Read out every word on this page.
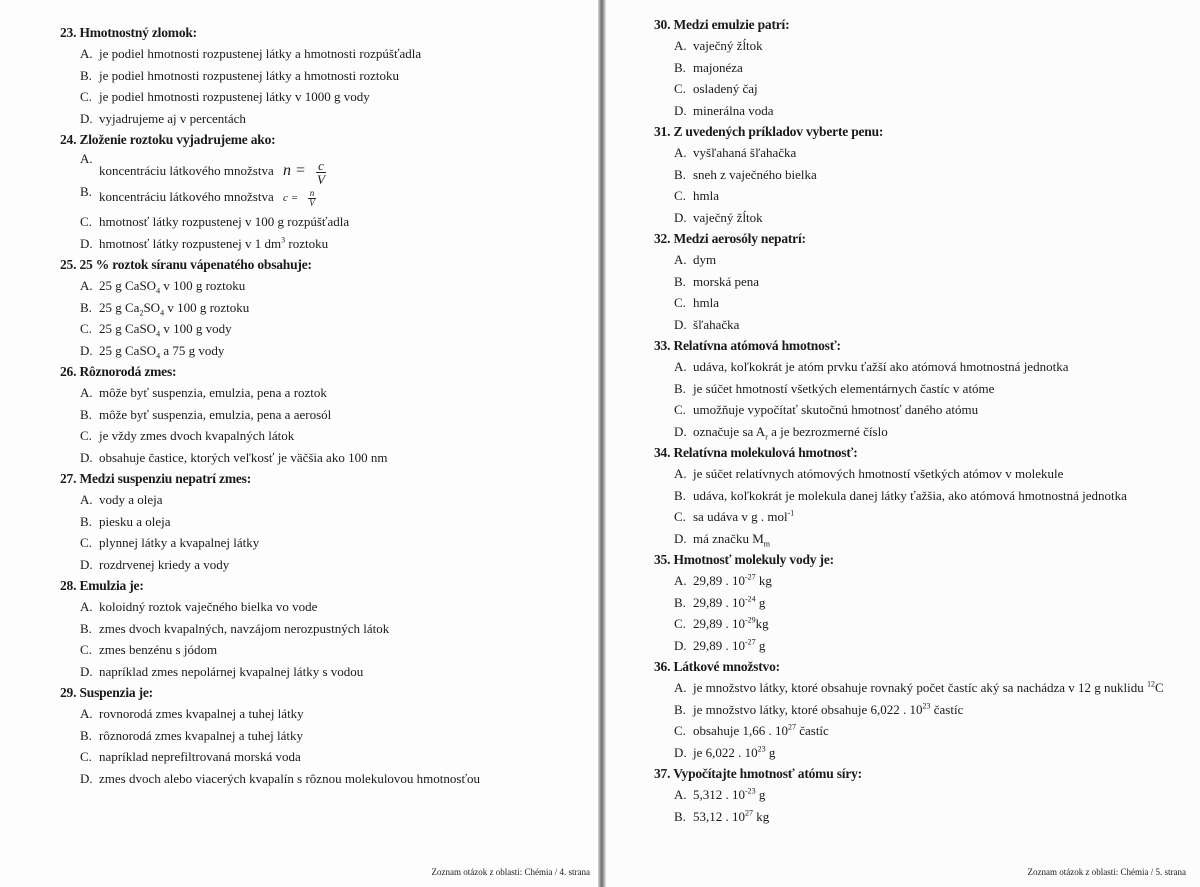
23. Hmotnostný zlomok:
A. je podiel hmotnosti rozpustenej látky a hmotnosti rozpúšťadla
B. je podiel hmotnosti rozpustenej látky a hmotnosti roztoku
C. je podiel hmotnosti rozpustenej látky v 1000 g vody
D. vyjadrujeme aj v percentách
24. Zloženie roztoku vyjadrujeme ako:
A.
koncentráciu látkového množstva $n = \frac{c}{V}$
B. koncentráciu látkového množstva $c = \frac{n}{V}$
C. hmotnosť látky rozpustenej v 100 g rozpúšťadla
D. hmotnosť látky rozpustenej v 1 $dm^3$ roztoku
25. 25 % roztok síranu vápenatého obsahuje:
A. 25 g CaSO$_4$ v 100 g roztoku
B. 25 g $Ca_2SO_4$ v 100 g roztoku
C. 25 g CaSO$_4$ v 100 g vody
D. 25 g CaSO$_4$ a 75 g vody
26. Rôznorodá zmes:
A. môže byť suspenzia, emulzia, pena a roztok
B. môže byť suspenzia, emulzia, pena a aerosól
C. je vždy zmes dvoch kvapalných látok
D. obsahuje častice, ktorých veľkosť je väčšia ako 100 nm
27. Medzi suspenziu nepatrí zmes:
A. vody a oleja
B. piesku a oleja
C. plynnej látky a kvapalnej látky
D. rozdrvenej kriedy a vody
28. Emulzia je:
A. koloidný roztok vaječného bielka vo vode
B. zmes dvoch kvapalných, navzájom nerozpustných látok
C. zmes benzénu s jódom
D. napríklad zmes nepolárnej kvapalnej látky s vodou
29. Suspenzia je:
A. rovnorodá zmes kvapalnej a tuhej látky
B. rôznorodá zmes kvapalnej a tuhej látky
C. napríklad neprefiltrovaná morská voda
D. zmes dvoch alebo viacerých kvapalín s rôznou molekulovou hmotnosťou
Zoznam otázok z oblasti: Chémia / 4. strana
30. Medzi emulzie patrí:
A. vaječný žĺtok
B. majonéza
C. osladený čaj
D. minerálna voda
31. Z uvedených príkladov vyberte penu:
A. vyšľahaná šľahačka
B. sneh z vaječného bielka
C. hmla
D. vaječný žĺtok
32. Medzi aerosóly nepatrí:
A. dym
B. morská pena
C. hmla
D. šľahačka
33. Relatívna atómová hmotnosť:
A. udáva, koľkokrát je atóm prvku ťažší ako atómová hmotnostná jednotka
B. je súčet hmotností všetkých elementárnych častíc v atóme
C. umožňuje vypočítať skutočnú hmotnosť daného atómu
D. označuje sa $A_r$ a je bezrozmerné číslo
34. Relatívna molekulová hmotnosť:
A. je súčet relatívnych atómových hmotností všetkých atómov v molekule
B. udáva, koľkokrát je molekula danej látky ťažšia, ako atómová hmotnostná jednotka
C. sa udáva v g . mol$^{-1}$
D. má značku $M_m$
35. Hmotnosť molekuly vody je:
A. 29,89 . $10^{-27}$ kg
B. 29,89 . $10^{-24}$ g
C. 29,89 . $10^{-29}kg$
D. 29,89 . $10^{-27}$ g
36. Látkové množstvo:
A. je množstvo látky, ktoré obsahuje rovnaký počet častíc aký sa nachádza v 12 g nuklidu $^{12}$C
B. je množstvo látky, ktoré obsahuje 6,022 . $10^{23}$ častíc
C. obsahuje 1,66 . $10^{27}$ častíc
D. je 6,022 . $10^{23}$ g
37. Vypočítajte hmotnosť atómu síry:
A. 5,312 . $10^{-23}$ g
B. 53,12 . $10^{27}$ kg
Zoznam otázok z oblasti: Chémia / 5. strana
